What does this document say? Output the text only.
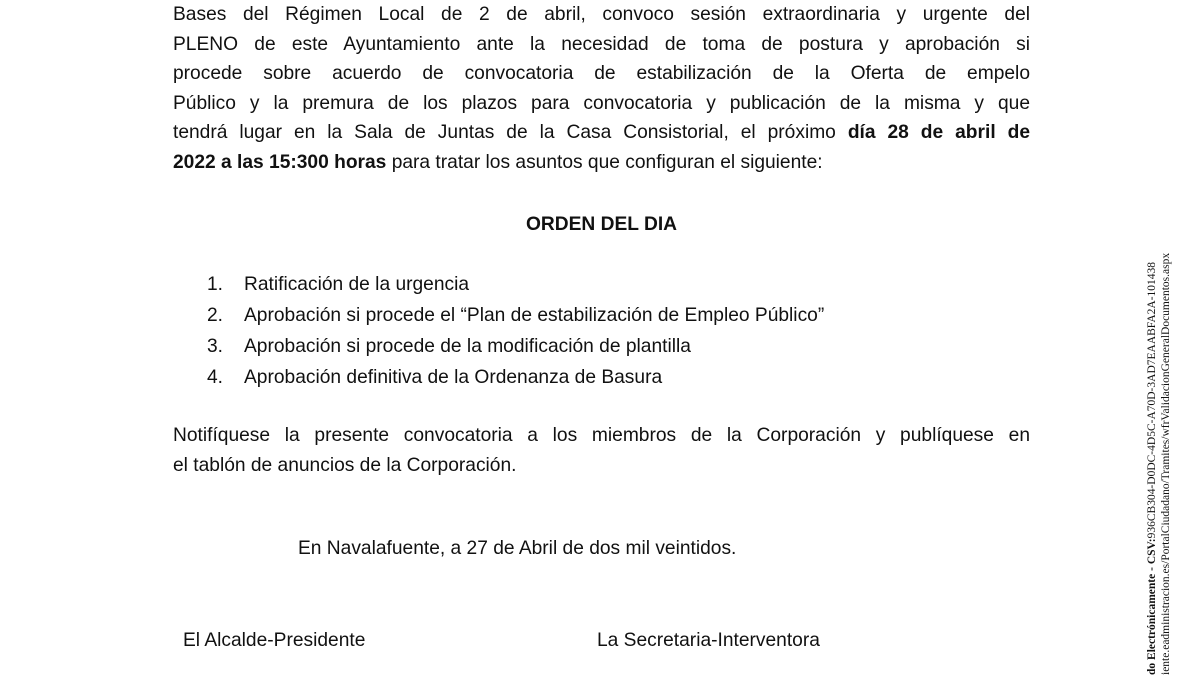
Bases del Régimen Local de 2 de abril, convoco sesión extraordinaria y urgente del
PLENO de este Ayuntamiento ante la necesidad de toma de postura y aprobación si
procede sobre acuerdo de convocatoria de estabilización de la Oferta de empelo
Público y la premura de los plazos para convocatoria y publicación de la misma y que
tendrá lugar en la Sala de Juntas de la Casa Consistorial, el próximo día 28 de abril de
2022 a las 15:300 horas para tratar los asuntos que configuran el siguiente:
ORDEN DEL DIA
1.	Ratificación de la urgencia
2.	Aprobación si procede el “Plan de estabilización de Empleo Público”
3.	Aprobación si procede de la modificación de plantilla
4.	Aprobación definitiva de la Ordenanza de Basura
Notifíquese la presente convocatoria a los miembros de la Corporación y publíquese en
el tablón de anuncios de la Corporación.
En Navalafuente, a 27 de Abril de dos mil veintidos.
El Alcalde-Presidente	La Secretaria-Interventora	do Electrónicamente - CSV:936CB304-D0DC-4D5C-A70D-3AD7EAABFA2A-101438 iente.eadministracion.es/PortalCiudadano/Tramites/wfrValidacionGeneralDocumentos.aspx
